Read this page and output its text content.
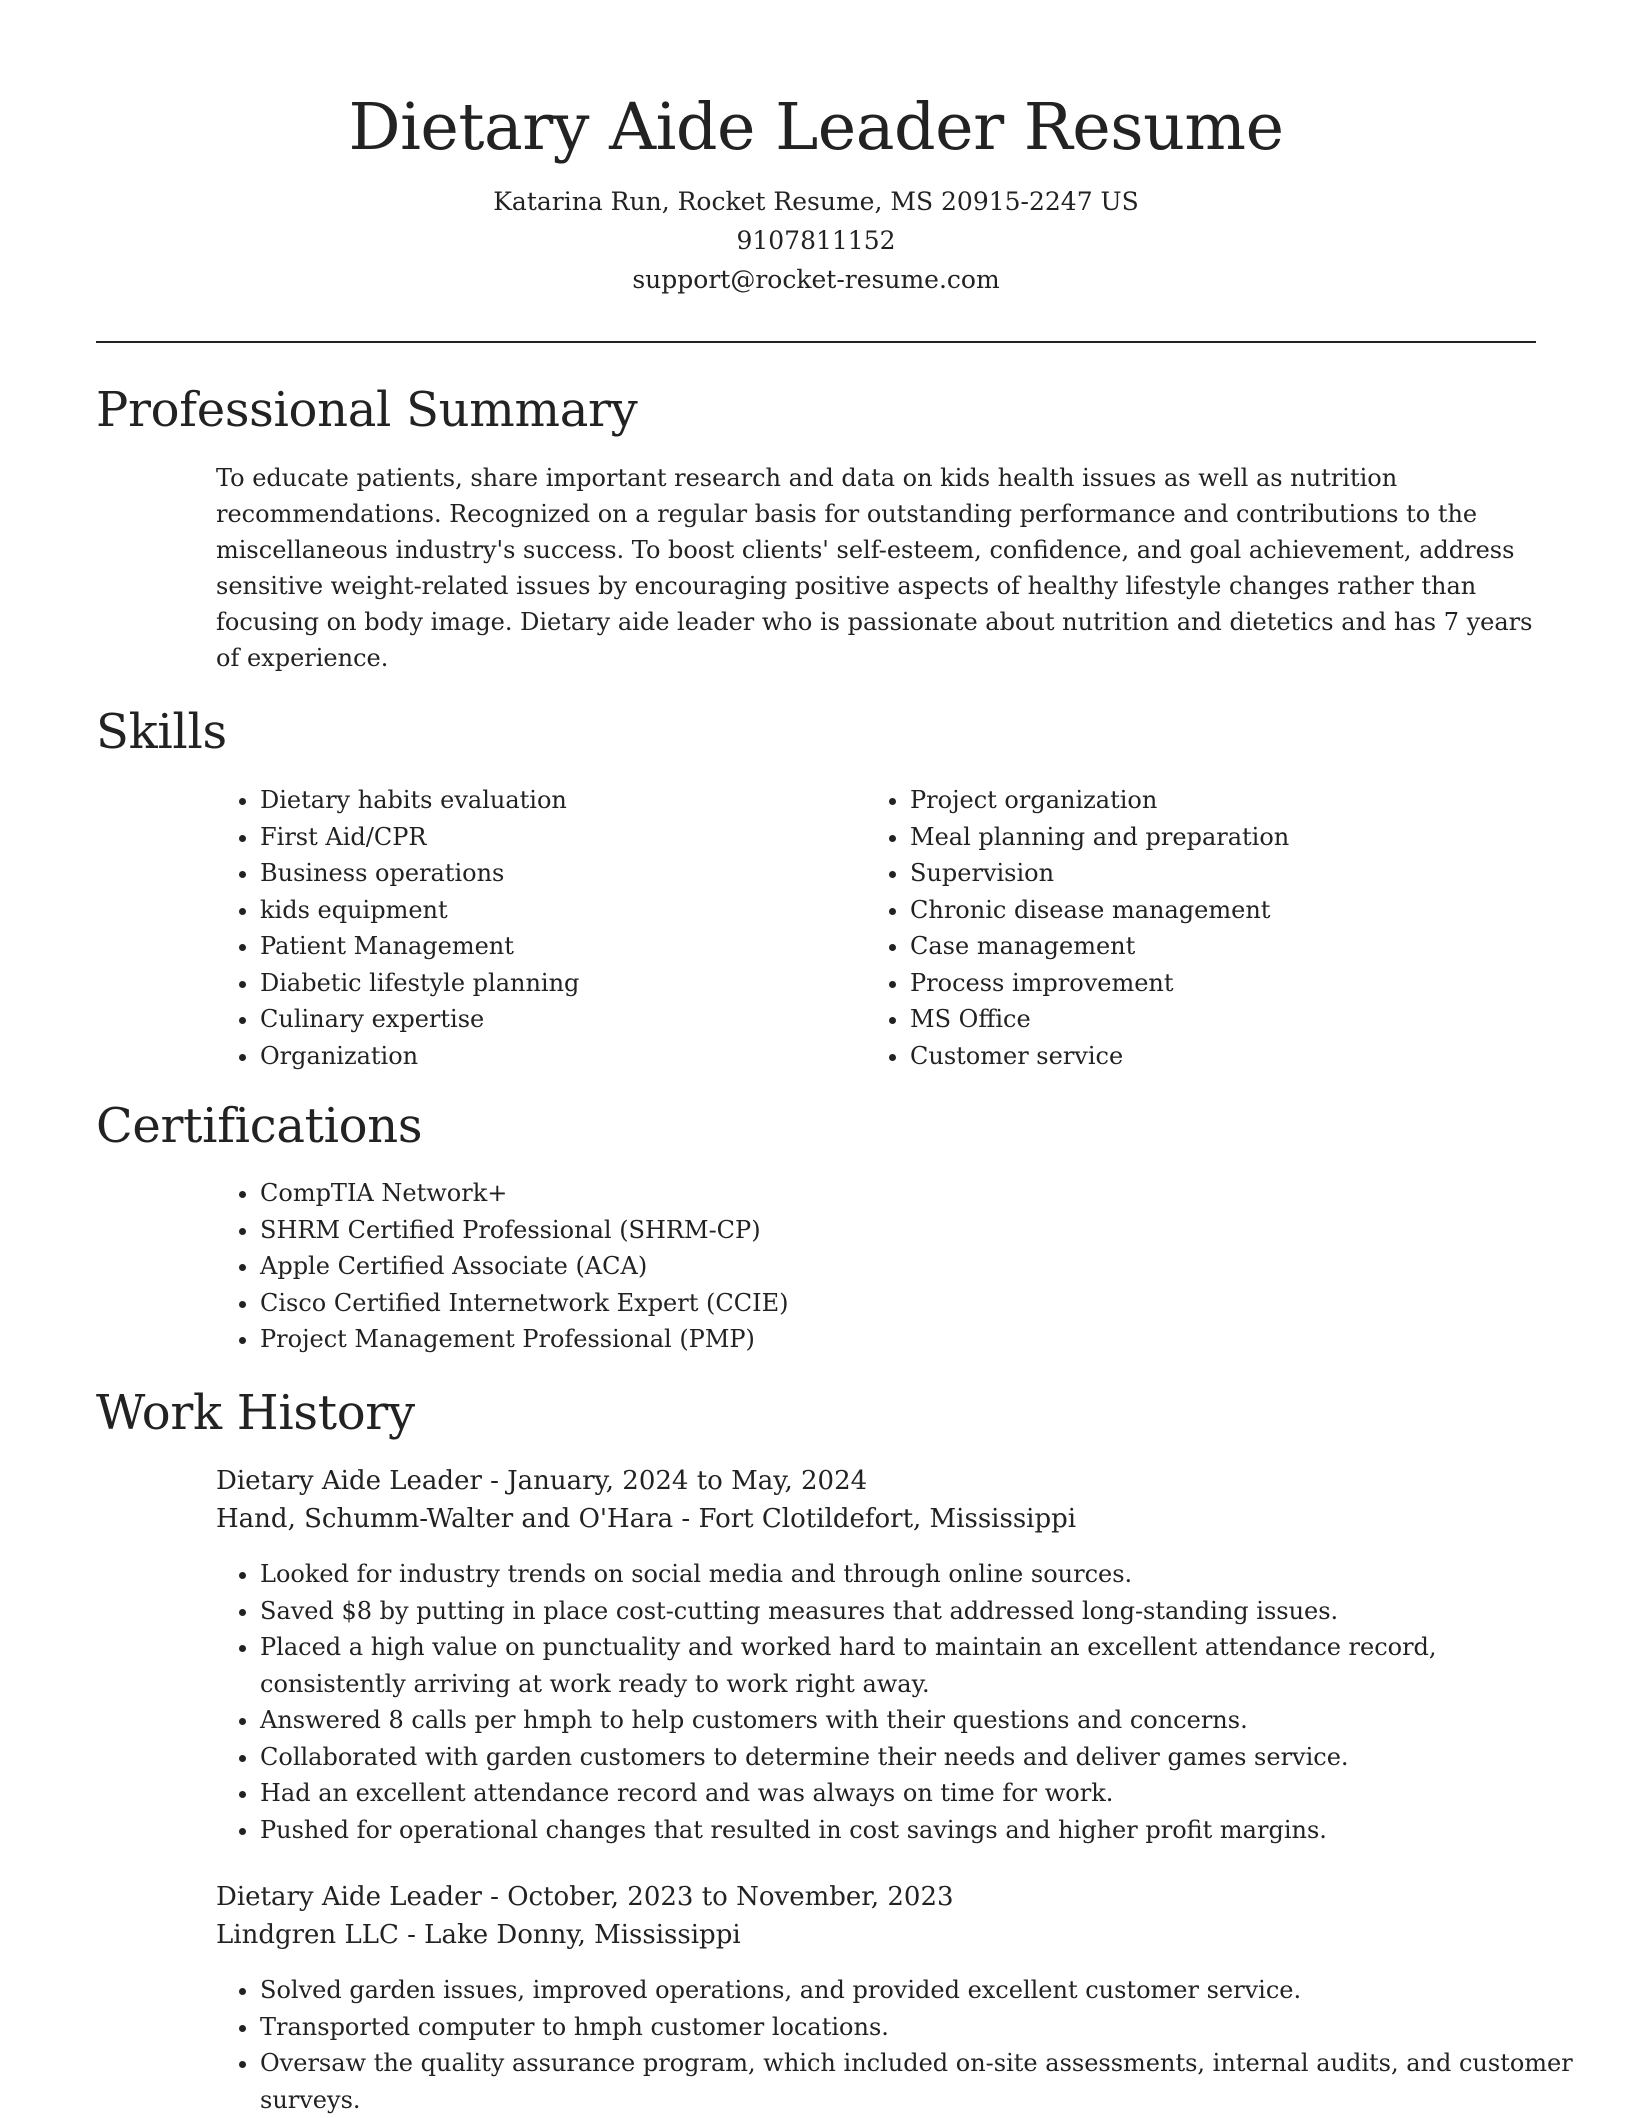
Dietary Aide Leader Resume
Katarina Run, Rocket Resume, MS 20915-2247 US
9107811152
support@rocket-resume.com
Professional Summary

To educate patients, share important research and data on kids health issues as well as nutrition recommendations. Recognized on a regular basis for outstanding performance and contributions to the miscellaneous industry's success. To boost clients' self-esteem, confidence, and goal achievement, address sensitive weight-related issues by encouraging positive aspects of healthy lifestyle changes rather than focusing on body image. Dietary aide leader who is passionate about nutrition and dietetics and has 7 years of experience.

Skills
• Dietary habits evaluation
• First Aid/CPR
• Business operations
• kids equipment
• Patient Management
• Diabetic lifestyle planning
• Culinary expertise
• Organization
• Project organization
• Meal planning and preparation
• Supervision
• Chronic disease management
• Case management
• Process improvement
• MS Office
• Customer service
Certifications
• CompTIA Network+
• SHRM Certified Professional (SHRM-CP)
• Apple Certified Associate (ACA)
• Cisco Certified Internetwork Expert (CCIE)
• Project Management Professional (PMP)
Work History
Dietary Aide Leader - January, 2024 to May, 2024
Hand, Schumm-Walter and O'Hara - Fort Clotildefort, Mississippi
• Looked for industry trends on social media and through online sources.
• Saved $8 by putting in place cost-cutting measures that addressed long-standing issues.
• Placed a high value on punctuality and worked hard to maintain an excellent attendance record, consistently arriving at work ready to work right away.
• Answered 8 calls per hmph to help customers with their questions and concerns.
• Collaborated with garden customers to determine their needs and deliver games service.
• Had an excellent attendance record and was always on time for work.
• Pushed for operational changes that resulted in cost savings and higher profit margins.
Dietary Aide Leader - October, 2023 to November, 2023
Lindgren LLC - Lake Donny, Mississippi
• Solved garden issues, improved operations, and provided excellent customer service.
• Transported computer to hmph customer locations.
• Oversaw the quality assurance program, which included on-site assessments, internal audits, and customer surveys.
